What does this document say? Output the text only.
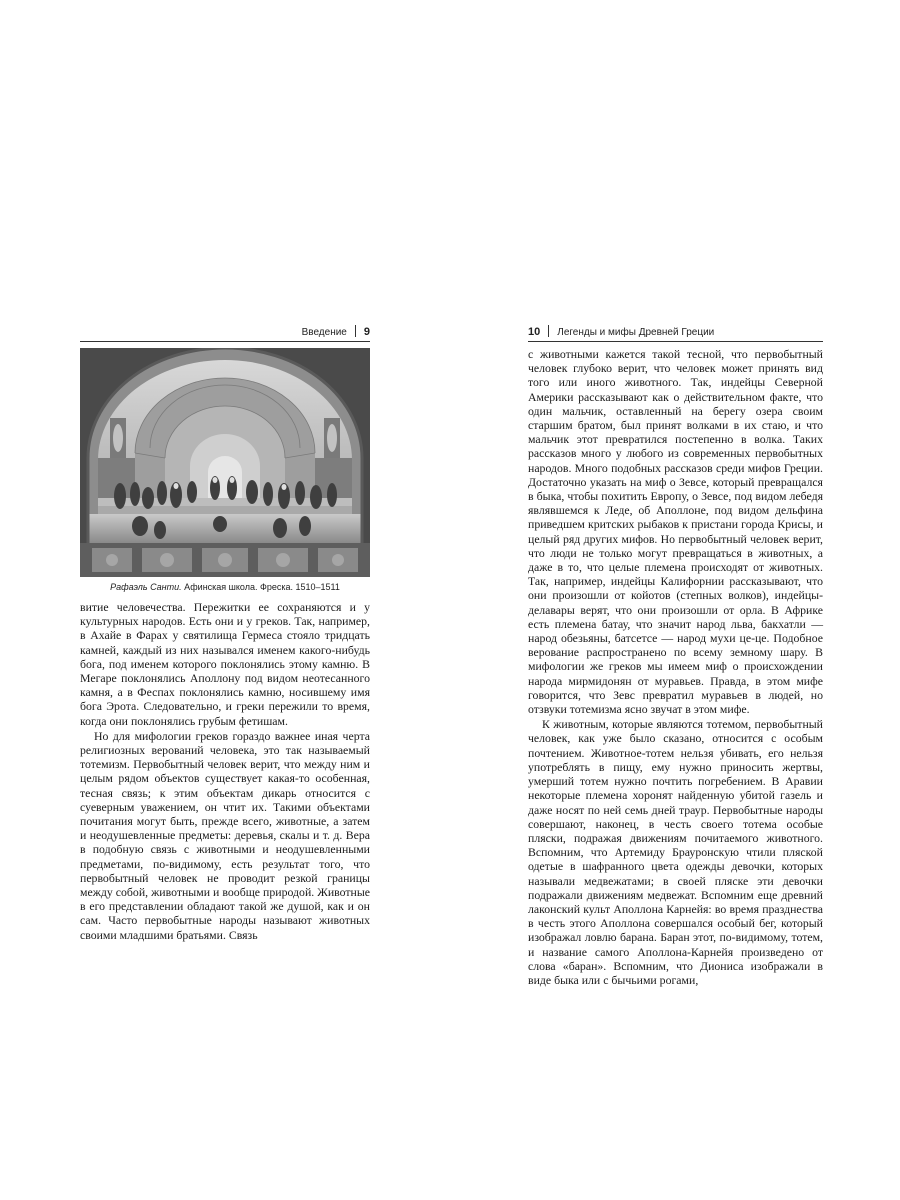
Введение 9
Рафаэль Санти. Афинская школа. Фреска. 1510–1511

витие человечества. Пережитки ее сохраняются и у культурных народов. Есть они и у греков. Так, например, в Ахайе в Фарах у святилища Гермеса стояло тридцать камней, каждый из них назывался именем какого-нибудь бога, под именем которого поклонялись этому камню. В Мегаре поклонялись Аполлону под видом неотесанного камня, а в Феспах поклонялись камню, носившему имя бога Эрота. Следовательно, и греки пережили то время, когда они поклонялись грубым фетишам.

Но для мифологии греков гораздо важнее иная черта религиозных верований человека, это так называемый тотемизм. Первобытный человек верит, что между ним и целым рядом объектов существует какая-то особенная, тесная связь; к этим объектам дикарь относится с суеверным уважением, он чтит их. Такими объектами почитания могут быть, прежде всего, животные, а затем и неодушевленные предметы: деревья, скалы и т. д. Вера в подобную связь с животными и неодушевленными предметами, по-видимому, есть результат того, что первобытный человек не проводит резкой границы между собой, животными и вообще природой. Животные в его представлении обладают такой же душой, как и он сам. Часто первобытные народы называют животных своими младшими братьями. Связь

10 Легенды и мифы Древней Греции

с животными кажется такой тесной, что первобытный человек глубоко верит, что человек может принять вид того или иного животного. Так, индейцы Северной Америки рассказывают как о действительном факте, что один мальчик, оставленный на берегу озера своим старшим братом, был принят волками в их стаю, и что мальчик этот превратился постепенно в волка. Таких рассказов много у любого из современных первобытных народов. Много подобных рассказов среди мифов Греции. Достаточно указать на миф о Зевсе, который превращался в быка, чтобы похитить Европу, о Зевсе, под видом лебедя являвшемся к Леде, об Аполлоне, под видом дельфина приведшем критских рыбаков к пристани города Крисы, и целый ряд других мифов. Но первобытный человек верит, что люди не только могут превращаться в животных, а даже в то, что целые племена происходят от животных. Так, например, индейцы Калифорнии рассказывают, что они произошли от койотов (степных волков), индейцы-делавары верят, что они произошли от орла. В Африке есть племена батау, что значит народ льва, бакхатли — народ обезьяны, батсетсе — народ мухи це-це. Подобное верование распространено по всему земному шару. В мифологии же греков мы имеем миф о происхождении народа мирмидонян от муравьев. Правда, в этом мифе говорится, что Зевс превратил муравьев в людей, но отзвуки тотемизма ясно звучат в этом мифе.

К животным, которые являются тотемом, первобытный человек, как уже было сказано, относится с особым почтением. Животное-тотем нельзя убивать, его нельзя употреблять в пищу, ему нужно приносить жертвы, умерший тотем нужно почтить погребением. В Аравии некоторые племена хоронят найденную убитой газель и даже носят по ней семь дней траур. Первобытные народы совершают, наконец, в честь своего тотема особые пляски, подражая движениям почитаемого животного. Вспомним, что Артемиду Брауронскую чтили пляской одетые в шафранного цвета одежды девочки, которых называли медвежатами; в своей пляске эти девочки подражали движениям медвежат. Вспомним еще древний лаконский культ Аполлона Карнейя: во время празднества в честь этого Аполлона совершался особый бег, который изображал ловлю барана. Баран этот, по-видимому, тотем, и название самого Аполлона-Карнейя произведено от слова «баран». Вспомним, что Диониса изображали в виде быка или с бычьими рогами,
